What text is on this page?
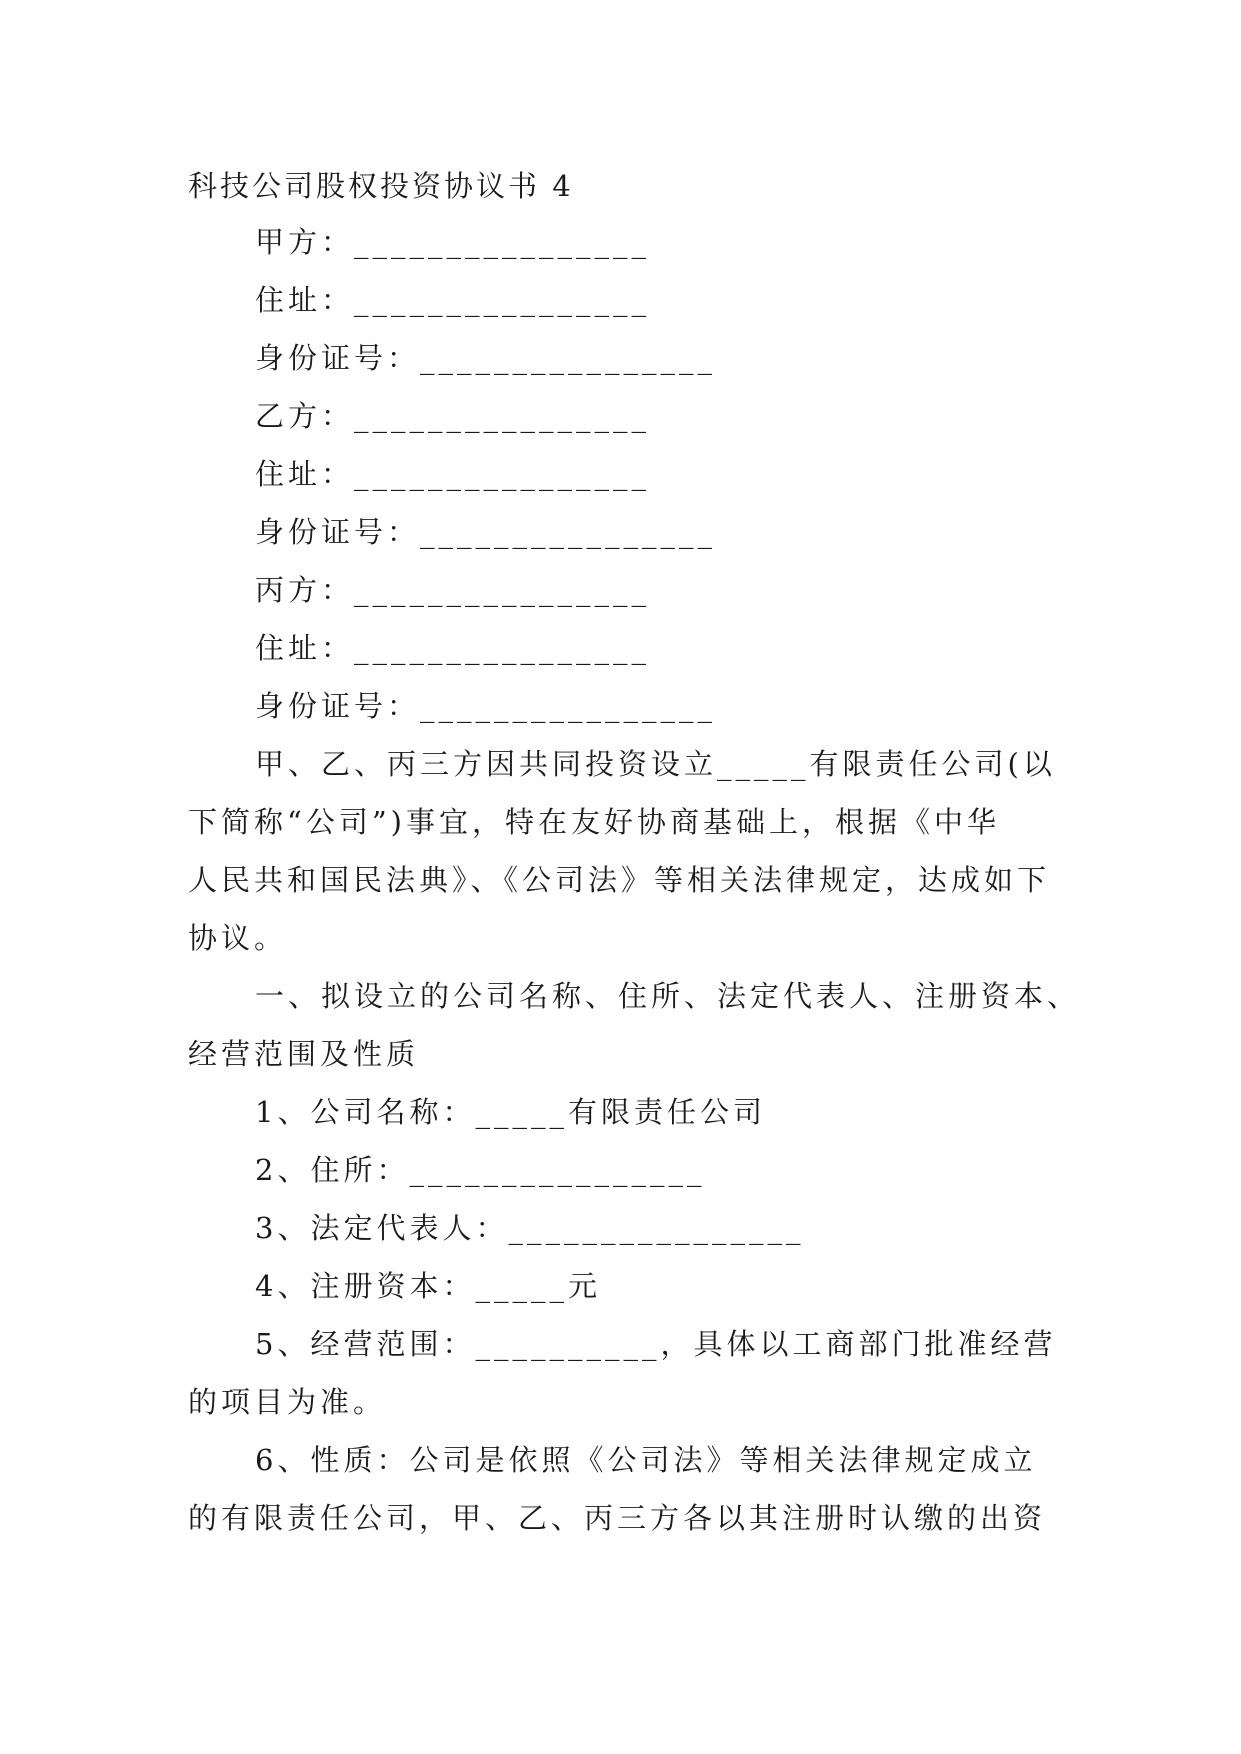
科技公司股权投资协议书 4
甲方：________________
住址：________________
身份证号：________________
乙方：________________
住址：________________
身份证号：________________
丙方：________________
住址：________________
身份证号：________________
甲、乙、丙三方因共同投资设立_____有限责任公司(以
下简称“公司”)事宜，特在友好协商基础上，根据《中华
人民共和国民法典》、《公司法》等相关法律规定，达成如下
协议。
一、拟设立的公司名称、住所、法定代表人、注册资本、
经营范围及性质
1、公司名称：_____有限责任公司
2、住所：________________
3、法定代表人：________________
4、注册资本：_____元
5、经营范围：__________，具体以工商部门批准经营
的项目为准。
6、性质：公司是依照《公司法》等相关法律规定成立
的有限责任公司，甲、乙、丙三方各以其注册时认缴的出资
